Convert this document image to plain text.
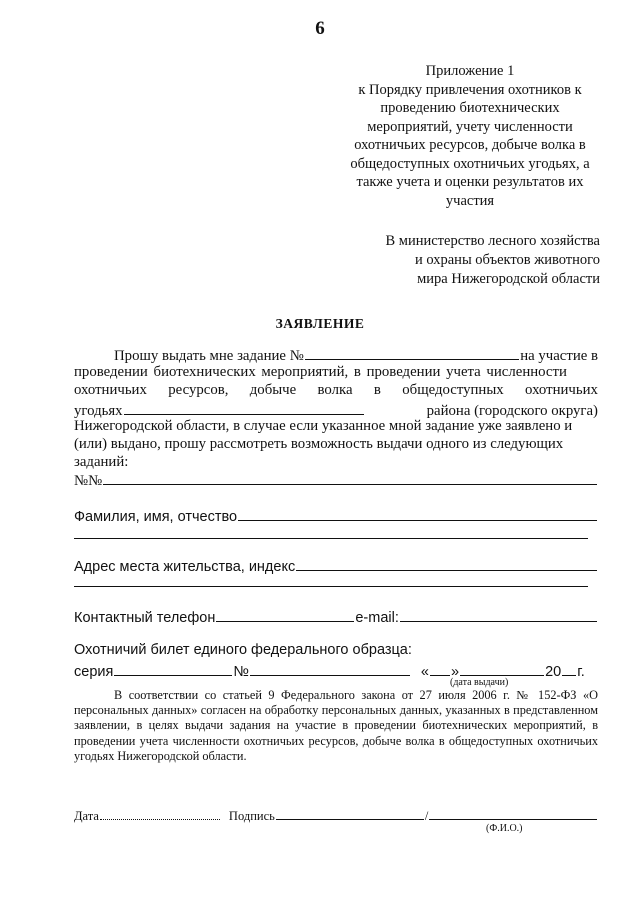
6
Приложение 1
к Порядку привлечения охотников к
проведению биотехнических
мероприятий, учету численности
охотничьих ресурсов, добыче волка в
общедоступных охотничьих угодьях, а
также учета и оценки результатов их
участия
В министерство лесного хозяйства
и охраны объектов животного
мира Нижегородской области
ЗАЯВЛЕНИЕ
Прошу выдать мне задание №	на участие в
проведении биотехнических мероприятий, в проведении учета численности
охотничьих ресурсов, добыче волка в общедоступных охотничьих
угодьях	района (городского округа)
Нижегородской области, в случае если указанное мной задание уже заявлено и
(или) выдано, прошу рассмотреть возможность выдачи одного из следующих
заданий:
№№
Фамилия, имя, отчество
Адрес места жительства, индекс
Контактный телефон	e-mail:
Охотничий билет единого федерального образца:
серия	№	« »	20 г.
(дата выдачи)
В соответствии со статьей 9 Федерального закона от 27 июля 2006 г. № 152-ФЗ «О персональных данных» согласен на обработку персональных данных, указанных в представленном заявлении, в целях выдачи задания на участие в проведении биотехнических мероприятий, в проведении учета численности охотничьих ресурсов, добыче волка в общедоступных охотничьих угодьях Нижегородской области.
Дата	Подпись	/
(Ф.И.О.)
